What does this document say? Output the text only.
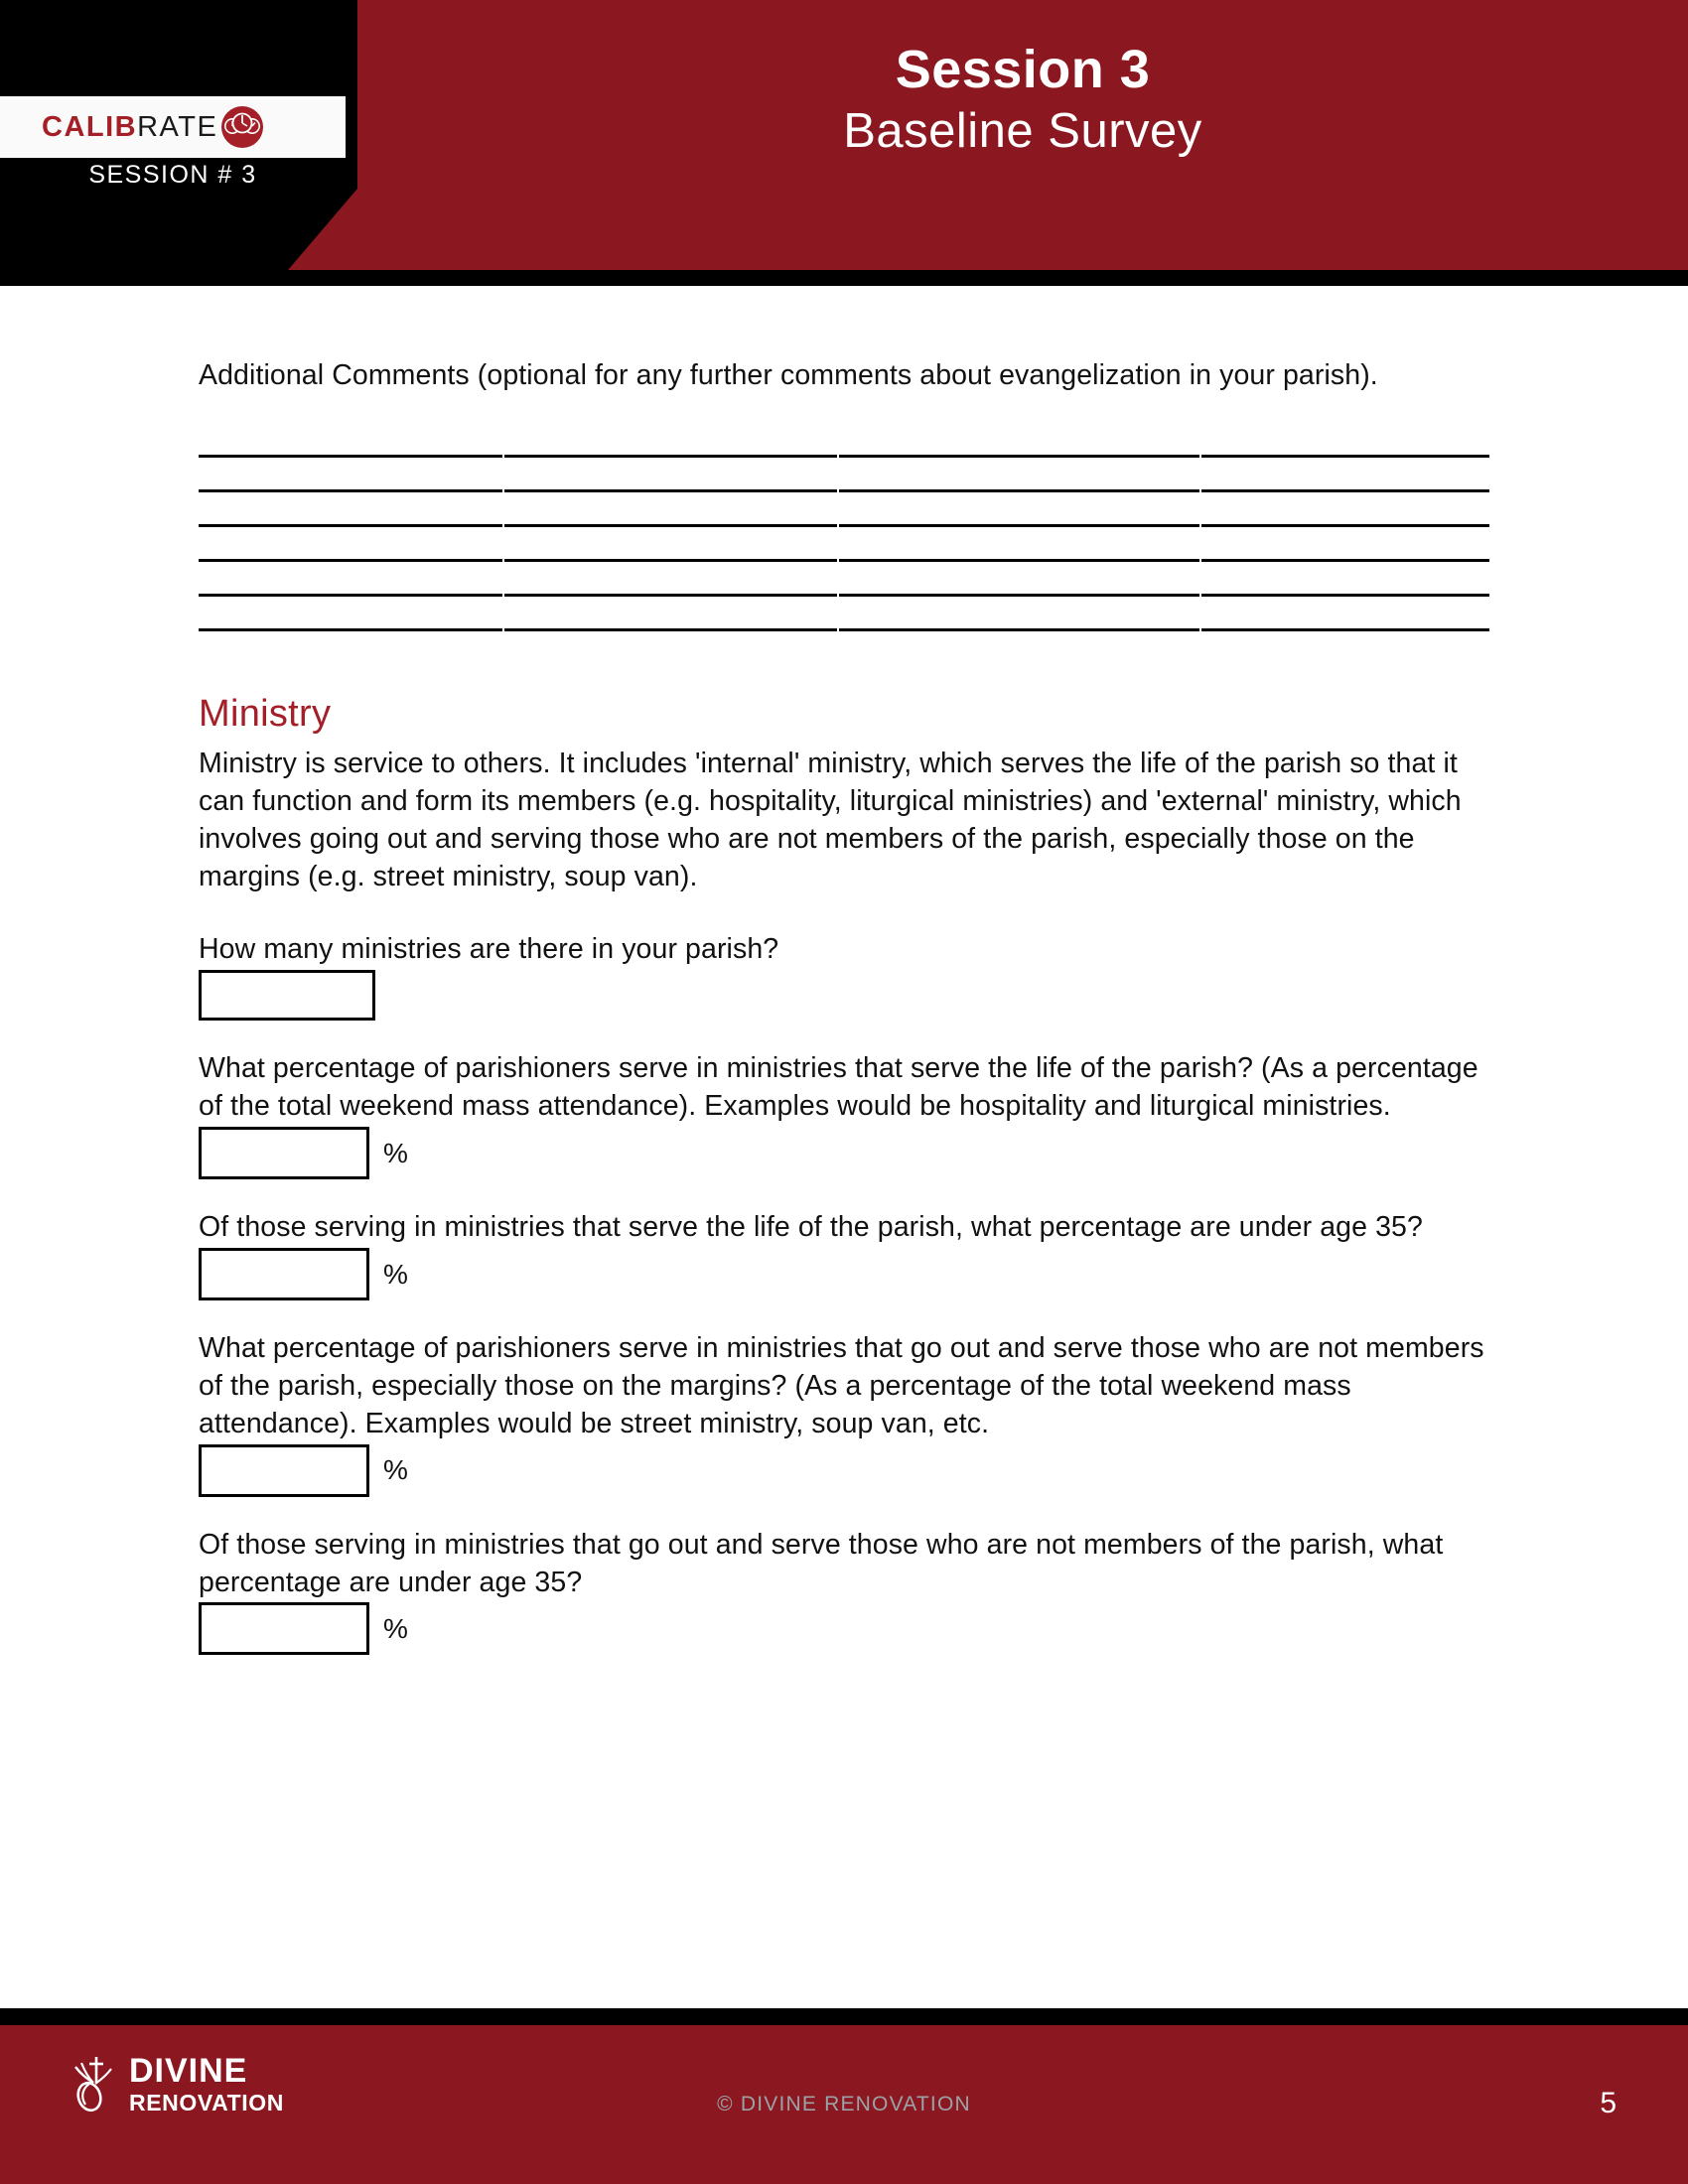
CALIB RATE
SESSION # 3
Session 3
Baseline Survey
Additional Comments (optional for any further comments about evangelization in your parish).
Ministry
Ministry is service to others. It includes 'internal' ministry, which serves the life of the parish so that it can function and form its members (e.g. hospitality, liturgical ministries) and 'external' ministry, which involves going out and serving those who are not members of the parish, especially those on the margins (e.g. street ministry, soup van).
How many ministries are there in your parish?
What percentage of parishioners serve in ministries that serve the life of the parish? (As a percentage of the total weekend mass attendance). Examples would be hospitality and liturgical ministries.
%
Of those serving in ministries that serve the life of the parish, what percentage are under age 35?
%
What percentage of parishioners serve in ministries that go out and serve those who are not members of the parish, especially those on the margins? (As a percentage of the total weekend mass attendance). Examples would be street ministry, soup van, etc.
%
Of those serving in ministries that go out and serve those who are not members of the parish, what percentage are under age 35?
%
DIVINE
RENOVATION	© DIVINE RENOVATION	5
